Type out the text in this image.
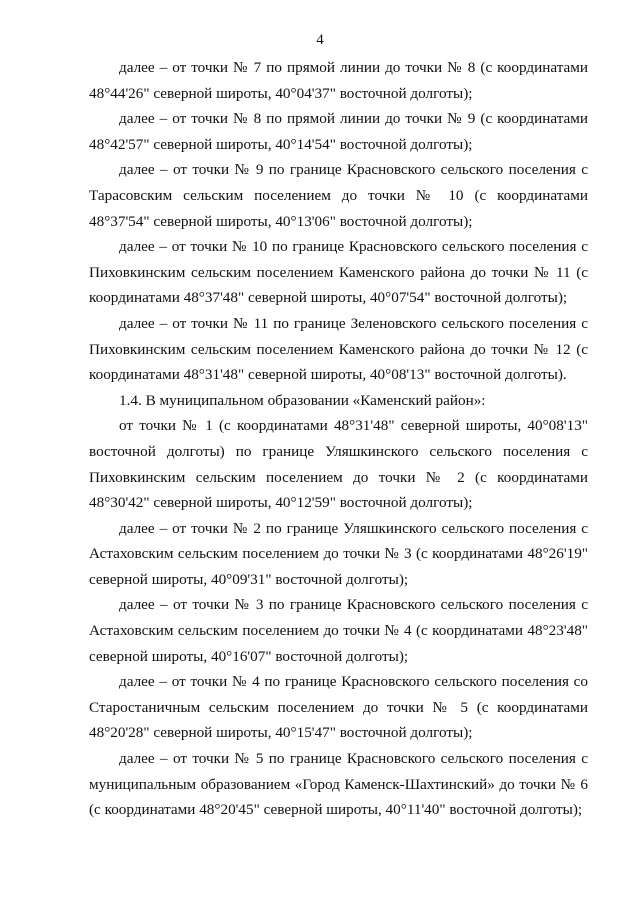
4

далее – от точки № 7 по прямой линии до точки № 8 (с координатами 48°44'26" северной широты, 40°04'37" восточной долготы);

далее – от точки № 8 по прямой линии до точки № 9 (с координатами 48°42'57" северной широты, 40°14'54" восточной долготы);

далее – от точки № 9 по границе Красновского сельского поселения с Тарасовским сельским поселением до точки № 10 (с координатами 48°37'54" северной широты, 40°13'06" восточной долготы);

далее – от точки № 10 по границе Красновского сельского поселения с Пиховкинским сельским поселением Каменского района до точки № 11 (с координатами 48°37'48" северной широты, 40°07'54" восточной долготы);

далее – от точки № 11 по границе Зеленовского сельского поселения с Пиховкинским сельским поселением Каменского района до точки № 12 (с координатами 48°31'48" северной широты, 40°08'13" восточной долготы).

1.4. В муниципальном образовании «Каменский район»:

от точки № 1 (с координатами 48°31'48" северной широты, 40°08'13" восточной долготы) по границе Уляшкинского сельского поселения с Пиховкинским сельским поселением до точки № 2 (с координатами 48°30'42" северной широты, 40°12'59" восточной долготы);

далее – от точки № 2 по границе Уляшкинского сельского поселения с Астаховским сельским поселением до точки № 3 (с координатами 48°26'19" северной широты, 40°09'31" восточной долготы);

далее – от точки № 3 по границе Красновского сельского поселения с Астаховским сельским поселением до точки № 4 (с координатами 48°23'48" северной широты, 40°16'07" восточной долготы);

далее – от точки № 4 по границе Красновского сельского поселения со Старостаничным сельским поселением до точки № 5 (с координатами 48°20'28" северной широты, 40°15'47" восточной долготы);

далее – от точки № 5 по границе Красновского сельского поселения с муниципальным образованием «Город Каменск-Шахтинский» до точки № 6 (с координатами 48°20'45" северной широты, 40°11'40" восточной долготы);
